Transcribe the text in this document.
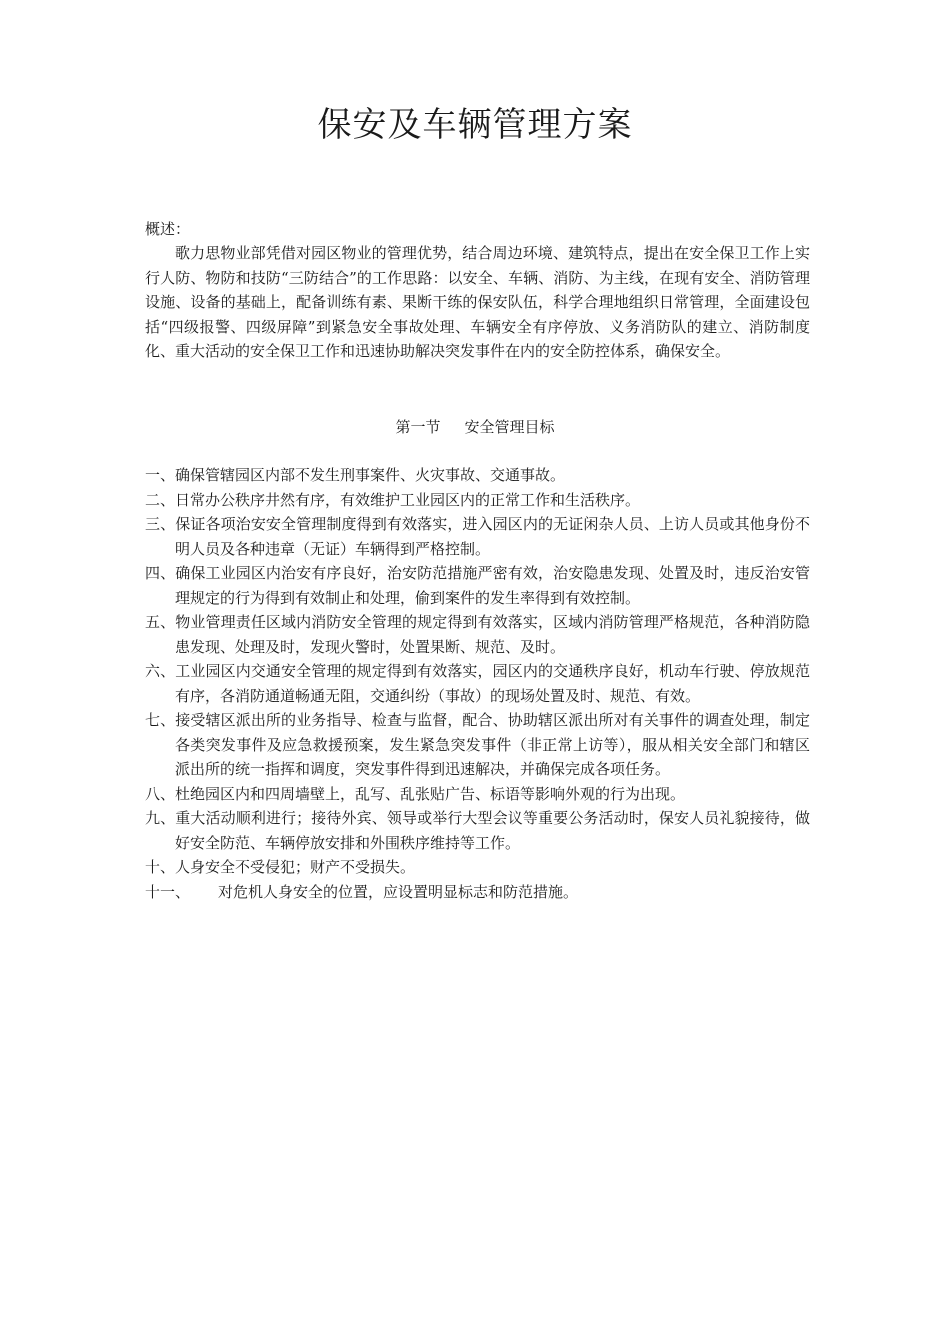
保安及车辆管理方案
概述：

歌力思物业部凭借对园区物业的管理优势，结合周边环境、建筑特点，提出在安全保卫工作上实行人防、物防和技防“三防结合”的工作思路：以安全、车辆、消防、为主线，在现有安全、消防管理设施、设备的基础上，配备训练有素、果断干练的保安队伍，科学合理地组织日常管理，全面建设包括“四级报警、四级屏障”到紧急安全事故处理、车辆安全有序停放、义务消防队的建立、消防制度化、重大活动的安全保卫工作和迅速协助解决突发事件在内的安全防控体系，确保安全。

第一节 安全管理目标
一、确保管辖园区内部不发生刑事案件、火灾事故、交通事故。
二、日常办公秩序井然有序，有效维护工业园区内的正常工作和生活秩序。
三、保证各项治安安全管理制度得到有效落实，进入园区内的无证闲杂人员、上访人员或其他身份不明人员及各种违章（无证）车辆得到严格控制。
四、确保工业园区内治安有序良好，治安防范措施严密有效，治安隐患发现、处置及时，违反治安管理规定的行为得到有效制止和处理，偷到案件的发生率得到有效控制。
五、物业管理责任区域内消防安全管理的规定得到有效落实，区域内消防管理严格规范，各种消防隐患发现、处理及时，发现火警时，处置果断、规范、及时。
六、工业园区内交通安全管理的规定得到有效落实，园区内的交通秩序良好，机动车行驶、停放规范有序，各消防通道畅通无阻，交通纠纷（事故）的现场处置及时、规范、有效。
七、接受辖区派出所的业务指导、检查与监督，配合、协助辖区派出所对有关事件的调查处理，制定各类突发事件及应急救援预案，发生紧急突发事件（非正常上访等），服从相关安全部门和辖区派出所的统一指挥和调度，突发事件得到迅速解决，并确保完成各项任务。
八、杜绝园区内和四周墙壁上，乱写、乱张贴广告、标语等影响外观的行为出现。
九、重大活动顺利进行；接待外宾、领导或举行大型会议等重要公务活动时，保安人员礼貌接待，做好安全防范、车辆停放安排和外围秩序维持等工作。
十、人身安全不受侵犯；财产不受损失。
十一、 对危机人身安全的位置，应设置明显标志和防范措施。
